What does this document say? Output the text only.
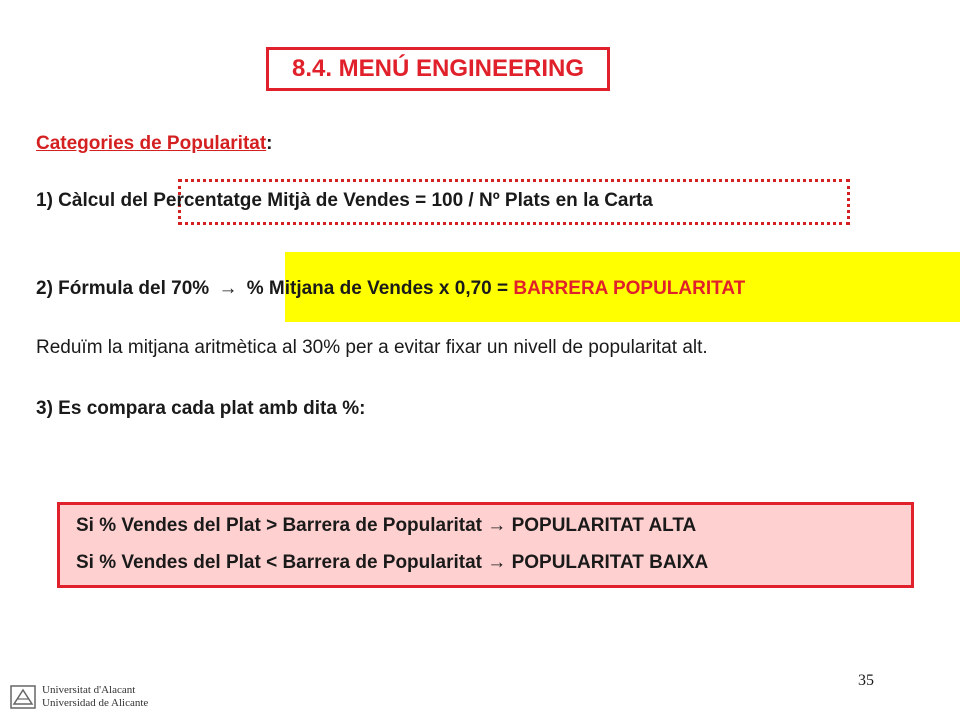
8.4. MENÚ ENGINEERING
Categories de Popularitat:
1) Càlcul del Percentatge Mitjà de Vendes = 100 / Nº Plats en la Carta
2) Fórmula del 70% → % Mitjana de Vendes x 0,70 = BARRERA POPULARITAT
Reduïm la mitjana aritmètica al 30% per a evitar fixar un nivell de popularitat alt.
3) Es compara cada plat amb dita %:
Si % Vendes del Plat > Barrera de Popularitat → POPULARITAT ALTA
Si % Vendes del Plat < Barrera de Popularitat → POPULARITAT BAIXA
35
Universitat d'Alacant
Universidad de Alicante
